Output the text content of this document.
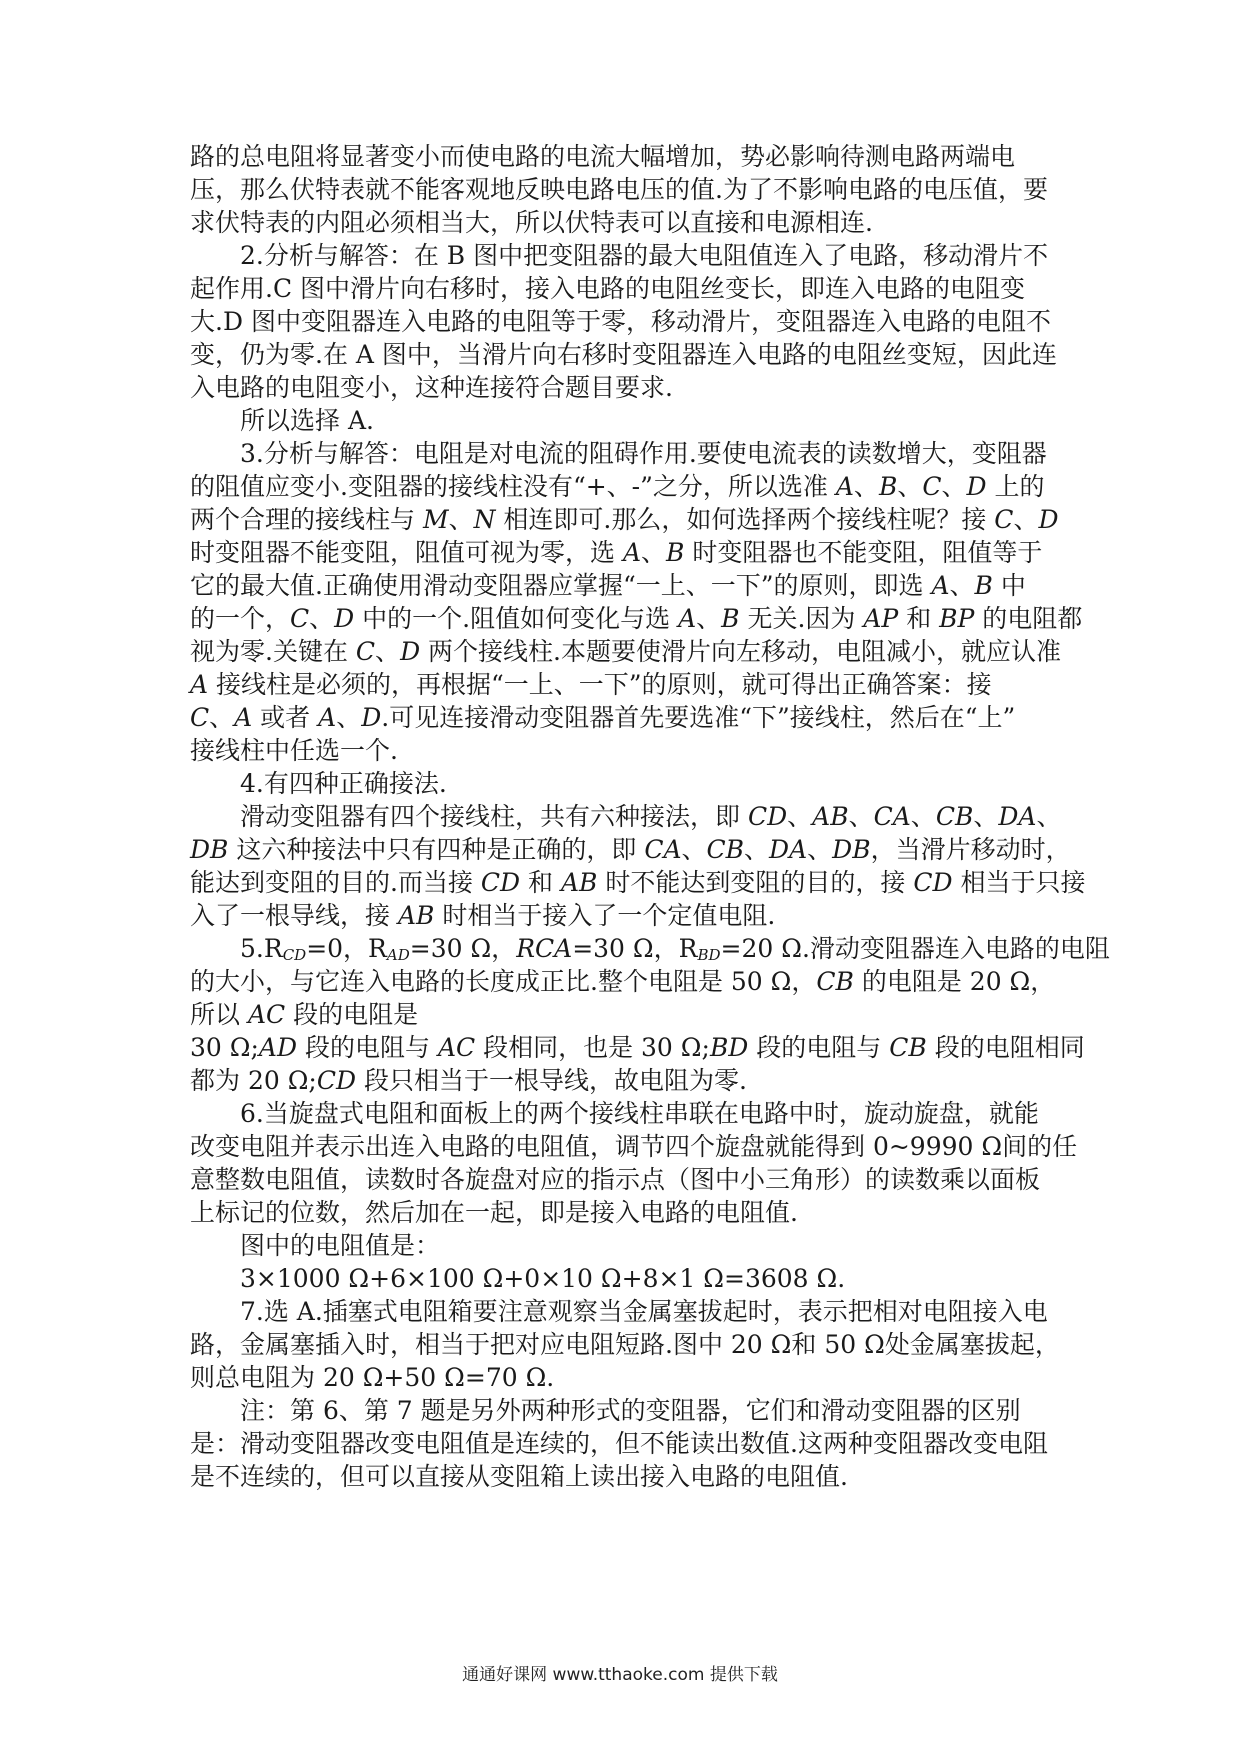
路的总电阻将显著变小而使电路的电流大幅增加，势必影响待测电路两端电
压，那么伏特表就不能客观地反映电路电压的值.为了不影响电路的电压值，要
求伏特表的内阻必须相当大，所以伏特表可以直接和电源相连.
2.分析与解答：在 B 图中把变阻器的最大电阻值连入了电路，移动滑片不
起作用.C 图中滑片向右移时，接入电路的电阻丝变长，即连入电路的电阻变
大.D 图中变阻器连入电路的电阻等于零，移动滑片，变阻器连入电路的电阻不
变，仍为零.在 A 图中，当滑片向右移时变阻器连入电路的电阻丝变短，因此连
入电路的电阻变小，这种连接符合题目要求.
所以选择 A.
3.分析与解答：电阻是对电流的阻碍作用.要使电流表的读数增大，变阻器
的阻值应变小.变阻器的接线柱没有“+、-”之分，所以选准 A、B、C、D 上的
两个合理的接线柱与 M、N 相连即可.那么，如何选择两个接线柱呢？接 C、D
时变阻器不能变阻，阻值可视为零，选 A、B 时变阻器也不能变阻，阻值等于
它的最大值.正确使用滑动变阻器应掌握“一上、一下”的原则，即选 A、B 中
的一个，C、D 中的一个.阻值如何变化与选 A、B 无关.因为 AP 和 BP 的电阻都
视为零.关键在 C、D 两个接线柱.本题要使滑片向左移动，电阻减小，就应认准
A 接线柱是必须的，再根据“一上、一下”的原则，就可得出正确答案：接
C、A 或者 A、D.可见连接滑动变阻器首先要选准“下”接线柱，然后在“上”
接线柱中任选一个.
4.有四种正确接法.
滑动变阻器有四个接线柱，共有六种接法，即 CD、AB、CA、CB、DA、
DB 这六种接法中只有四种是正确的，即 CA、CB、DA、DB，当滑片移动时，
能达到变阻的目的.而当接 CD 和 AB 时不能达到变阻的目的，接 CD 相当于只接
入了一根导线，接 AB 时相当于接入了一个定值电阻.
$5.R_{CD}=0$，$R_{AD}=30$ Ω，RCA=30 Ω，$R_{BD}=20$ Ω.滑动变阻器连入电路的电阻
的大小，与它连入电路的长度成正比.整个电阻是 50 Ω，CB 的电阻是 20 Ω，
所以 AC 段的电阻是
30 Ω;AD 段的电阻与 AC 段相同，也是 30 Ω;BD 段的电阻与 CB 段的电阻相同
都为 20 Ω;CD 段只相当于一根导线，故电阻为零.
6.当旋盘式电阻和面板上的两个接线柱串联在电路中时，旋动旋盘，就能
改变电阻并表示出连入电路的电阻值，调节四个旋盘就能得到 0~9990 Ω间的任
意整数电阻值，读数时各旋盘对应的指示点（图中小三角形）的读数乘以面板
上标记的位数，然后加在一起，即是接入电路的电阻值.
图中的电阻值是：
3×1000 Ω+6×100 Ω+0×10 Ω+8×1 Ω=3608 Ω.
7.选 A.插塞式电阻箱要注意观察当金属塞拔起时，表示把相对电阻接入电
路，金属塞插入时，相当于把对应电阻短路.图中 20 Ω和 50 Ω处金属塞拔起，
则总电阻为 20 Ω+50 Ω=70 Ω.
注：第 6、第 7 题是另外两种形式的变阻器，它们和滑动变阻器的区别
是：滑动变阻器改变电阻值是连续的，但不能读出数值.这两种变阻器改变电阻
是不连续的，但可以直接从变阻箱上读出接入电路的电阻值.
通通好课网 www.tthaoke.com 提供下载
